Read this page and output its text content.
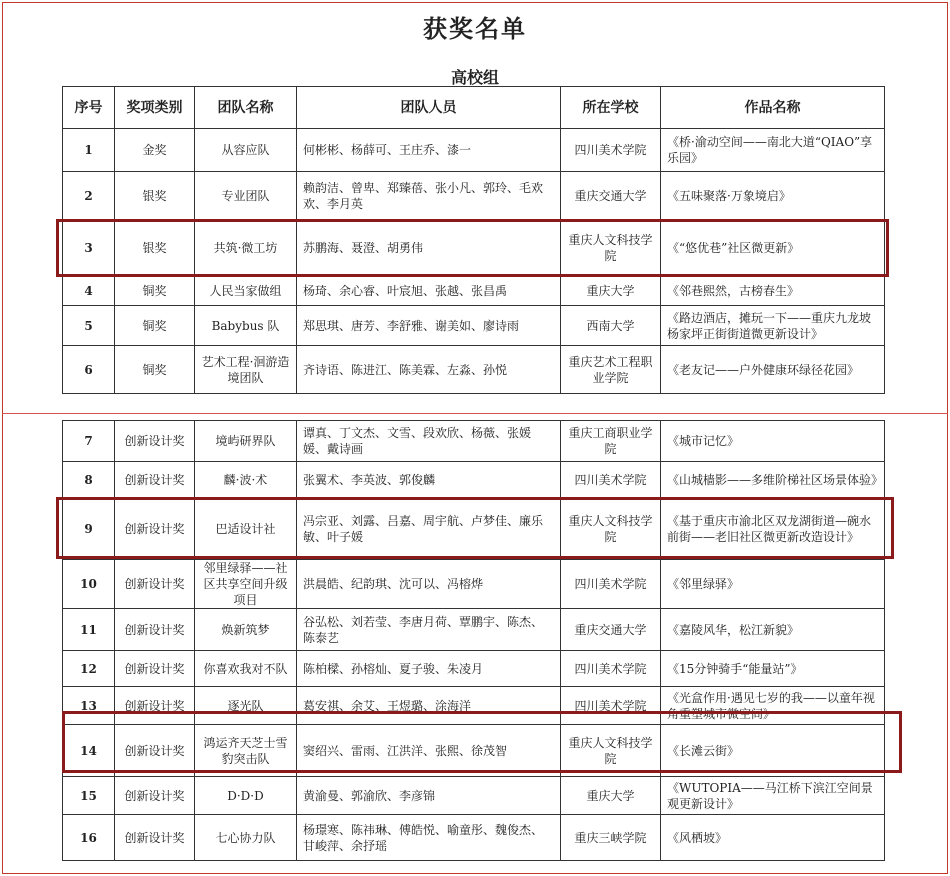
获奖名单
高校组
序号	奖项类别	团队名称	团队人员	所在学校	作品名称
1	金奖	从容应队	何彬彬、杨薛可、王庄乔、漆一	四川美术学院	《桥·渝动空间——南北大道“QIAO”享乐园》
2	银奖	专业团队	赖韵洁、曾卑、郑臻蓓、张小凡、郭玲、毛欢欢、李月英	重庆交通大学	《五味聚落·万象境启》
3	银奖	共筑·微工坊	苏鹏海、聂澄、胡勇伟	重庆人文科技学院	《“悠优巷”社区微更新》
4	铜奖	人民当家做组	杨琦、余心睿、叶宸旭、张越、张昌禹	重庆大学	《邻巷熙然，古榜春生》
5	铜奖	Babybus 队	郑思琪、唐芳、李舒雅、谢美如、廖诗雨	西南大学	《路边酒店，摊玩一下——重庆九龙坡杨家坪正街街道微更新设计》
6	铜奖	艺术工程·洄游造境团队	齐诗语、陈进江、陈美霖、左淼、孙悦	重庆艺术工程职业学院	《老友记——户外健康环绿径花园》
7	创新设计奖	境屿研界队	谭真、丁文杰、文雪、段欢欣、杨薇、张媛媛、戴诗画	重庆工商职业学院	《城市记忆》
8	创新设计奖	麟·波·术	张翼术、李英波、郭俊麟	四川美术学院	《山城樯影——多维阶梯社区场景体验》
9	创新设计奖	巴适设计社	冯宗亚、刘露、吕嘉、周宇航、卢梦佳、廉乐敏、叶子媛	重庆人文科技学院	《基于重庆市渝北区双龙湖街道—碗水前街——老旧社区微更新改造设计》
10	创新设计奖	邻里绿驿——社区共享空间升级项目	洪晨皓、纪韵琪、沈可以、冯榕烨	四川美术学院	《邻里绿驿》
11	创新设计奖	焕新筑梦	谷弘松、刘若莹、李唐月荷、覃鹏宇、陈杰、陈泰艺	重庆交通大学	《嘉陵风华，松江新貌》
12	创新设计奖	你喜欢我对不队	陈柏樑、孙榕灿、夏子骏、朱凌月	四川美术学院	《15分钟骑手“能量站”》
13	创新设计奖	逐光队	葛安祺、余艾、王煜璐、涂海洋	四川美术学院	《光盒作用·遇见七岁的我——以童年视角重塑城市微空间》
14	创新设计奖	鸿运齐天芝士雪豹突击队	窦绍兴、雷雨、江洪洋、张熙、徐茂智	重庆人文科技学院	《长滩云街》
15	创新设计奖	D·D·D	黄渝曼、郭渝欣、李彦锦	重庆大学	《WUTOPIA——马江桥下滨江空间景观更新设计》
16	创新设计奖	七心协力队	杨璟寒、陈祎琳、傅皓悦、喻童彤、魏俊杰、甘峻萍、余抒瑶	重庆三峡学院	《风栖坡》
